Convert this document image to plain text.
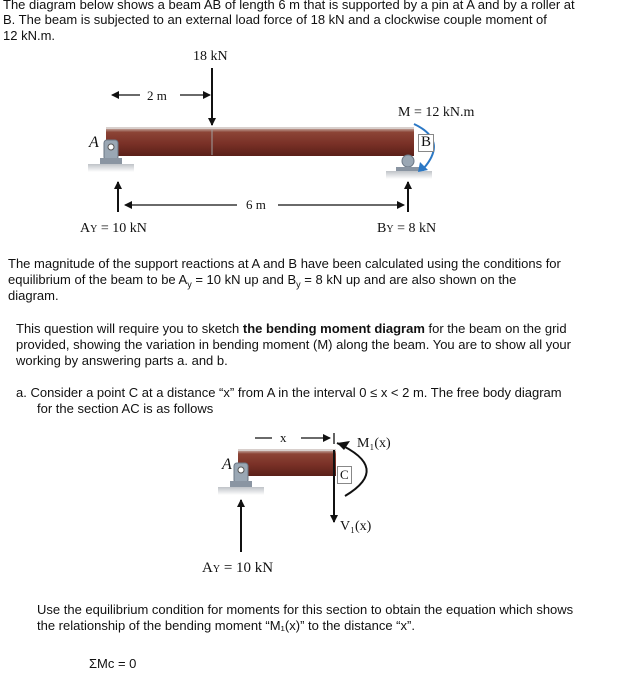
The diagram below shows a beam AB of length 6 m that is supported by a pin at A and by a roller at
B. The beam is subjected to an external load force of 18 kN and a clockwise couple moment of
12 kN.m.
18 kN
2 m
M = 12 kN.m
A	B
6 m
AY = 10 kN	BY = 8 kN
The magnitude of the support reactions at A and B have been calculated using the conditions for
equilibrium of the beam to be $A_y = 10$ kN up and $B_y = 8$ kN up and are also shown on the
diagram.
This question will require you to sketch the bending moment diagram for the beam on the grid
provided, showing the variation in bending moment (M) along the beam. You are to show all your
working by answering parts a. and b.
a. Consider a point C at a distance “x” from A in the interval 0 ≤ x < 2 m. The free body diagram
for the section AC is as follows
x	M₁(x)
A
C
V₁(x)
AY = 10 kN
Use the equilibrium condition for moments for this section to obtain the equation which shows
the relationship of the bending moment “M₁(x)” to the distance “x”.
ΣMc = 0
